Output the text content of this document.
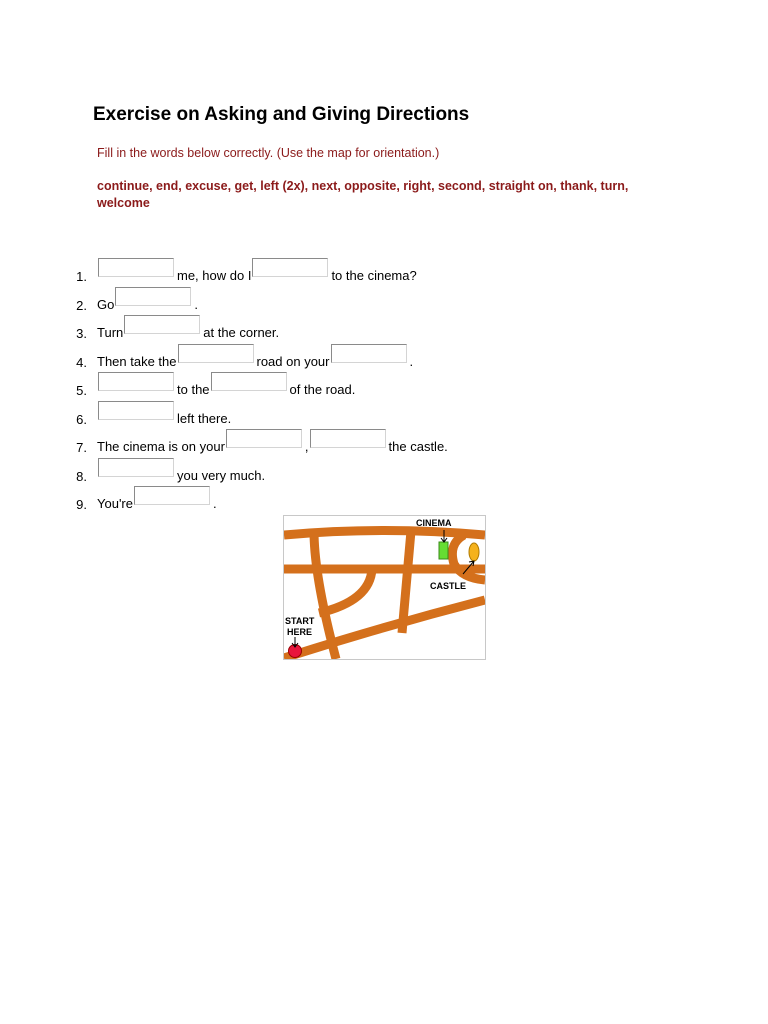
Exercise on Asking and Giving Directions

Fill in the words below correctly. (Use the map for orientation.)

continue, end, excuse, get, left (2x), next, opposite, right, second, straight on, thank, turn, welcome

1.	me, how do I	to the cinema?
2. Go	.
3. Turn	at the corner.
4. Then take the	road on your	.
5.	to the	of the road.
6.	left there.
7. The cinema is on your	,	the castle.
8.	you very much.
9. You're	.
CINEMA
CASTLE
START
HERE
